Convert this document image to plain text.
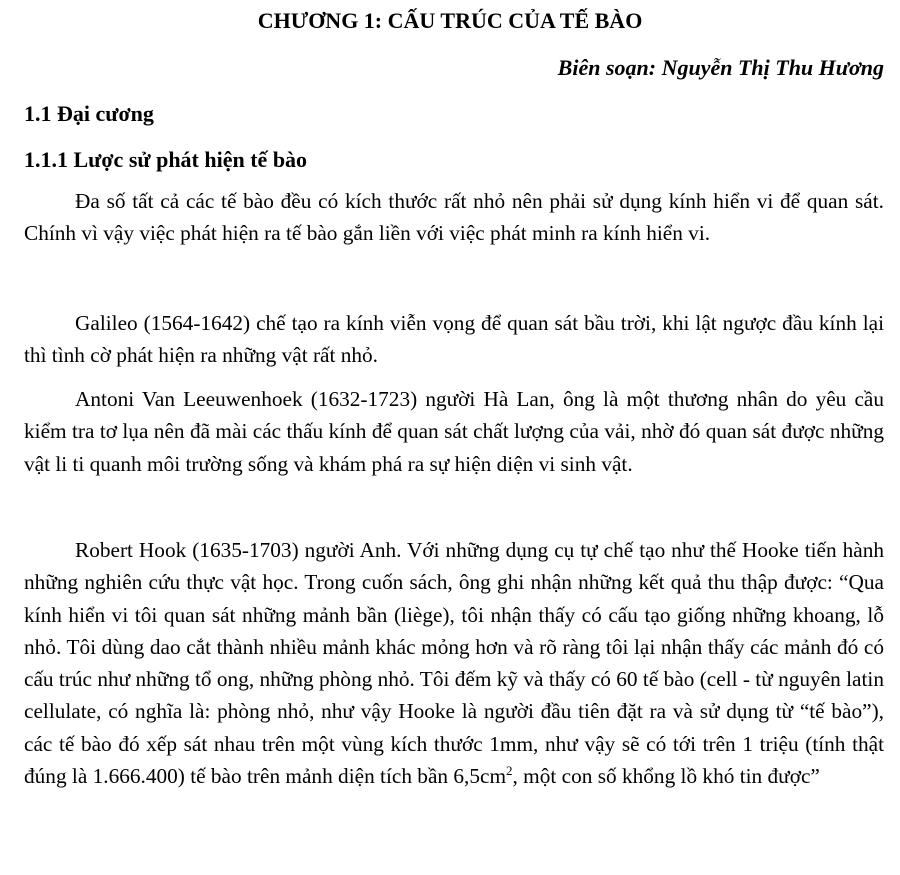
CHƯƠNG 1: CẤU TRÚC CỦA TẾ BÀO
Biên soạn: Nguyễn Thị Thu Hương
1.1 Đại cương
1.1.1 Lược sử phát hiện tế bào

Đa số tất cả các tế bào đều có kích thước rất nhỏ nên phải sử dụng kính hiển vi để quan sát. Chính vì vậy việc phát hiện ra tế bào gắn liền với việc phát minh ra kính hiển vi.

Galileo (1564-1642) chế tạo ra kính viễn vọng để quan sát bầu trời, khi lật ngược đầu kính lại thì tình cờ phát hiện ra những vật rất nhỏ.

Antoni Van Leeuwenhoek (1632-1723) người Hà Lan, ông là một thương nhân do yêu cầu kiểm tra tơ lụa nên đã mài các thấu kính để quan sát chất lượng của vải, nhờ đó quan sát được những vật li ti quanh môi trường sống và khám phá ra sự hiện diện vi sinh vật.

Robert Hook (1635-1703) người Anh. Với những dụng cụ tự chế tạo như thế Hooke tiến hành những nghiên cứu thực vật học. Trong cuốn sách, ông ghi nhận những kết quả thu thập được: “Qua kính hiển vi tôi quan sát những mảnh bần (liège), tôi nhận thấy có cấu tạo giống những khoang, lỗ nhỏ. Tôi dùng dao cắt thành nhiều mảnh khác mỏng hơn và rõ ràng tôi lại nhận thấy các mảnh đó có cấu trúc như những tổ ong, những phòng nhỏ. Tôi đếm kỹ và thấy có 60 tế bào (cell - từ nguyên latin cellulate, có nghĩa là: phòng nhỏ, như vậy Hooke là người đầu tiên đặt ra và sử dụng từ “tế bào”), các tế bào đó xếp sát nhau trên một vùng kích thước 1mm, như vậy sẽ có tới trên 1 triệu (tính thật đúng là 1.666.400) tế bào trên mảnh diện tích bần $6,5cm^2$, một con số khổng lồ khó tin được”
